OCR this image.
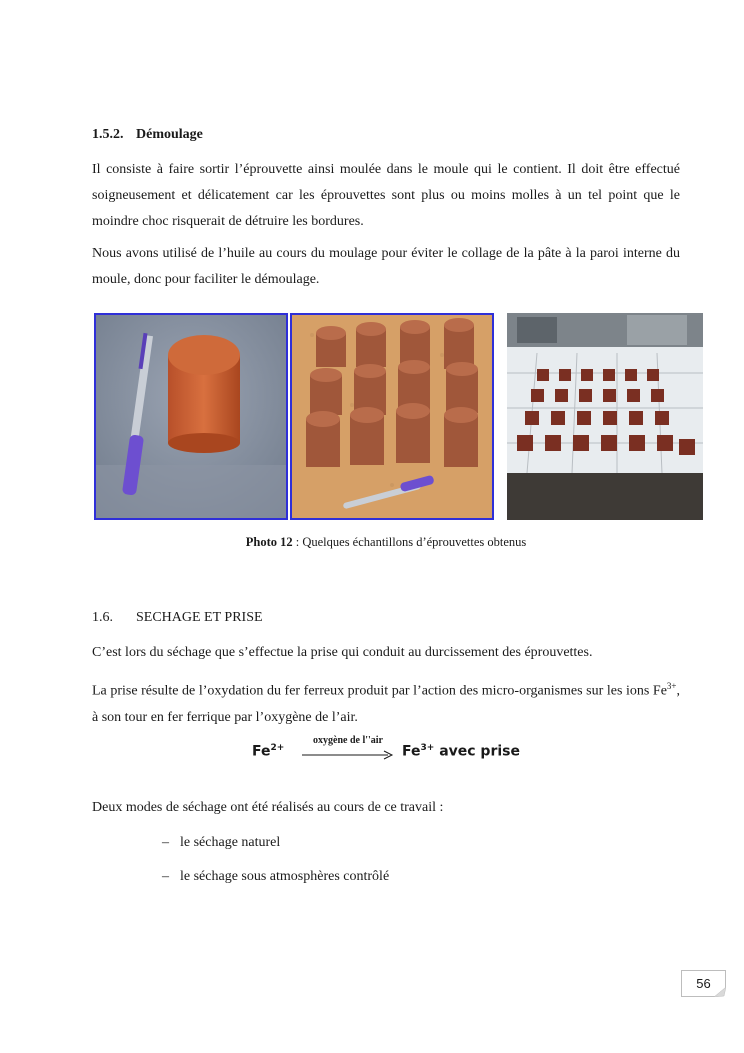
1.5.2. Démoulage

Il consiste à faire sortir l’éprouvette ainsi moulée dans le moule qui le contient. Il doit être effectué soigneusement et délicatement car les éprouvettes sont plus ou moins molles à un tel point que le moindre choc risquerait de détruire les bordures.

Nous avons utilisé de l’huile au cours du moulage pour éviter le collage de la pâte à la paroi interne du moule, donc pour faciliter le démoulage.

Photo 12 : Quelques échantillons d’éprouvettes obtenus
1.6. SECHAGE ET PRISE

C’est lors du séchage que s’effectue la prise qui conduit au durcissement des éprouvettes.

La prise résulte de l’oxydation du fer ferreux produit par l’action des micro-organismes sur les ions $Fe^{3+}$, à son tour en fer ferrique par l’oxygène de l’air.

$Fe^{2+}$
oxygène de l''air
$Fe^{3+}$ avec prise

Deux modes de séchage ont été réalisés au cours de ce travail :

– le séchage naturel
– le séchage sous atmosphères contrôlé
56
